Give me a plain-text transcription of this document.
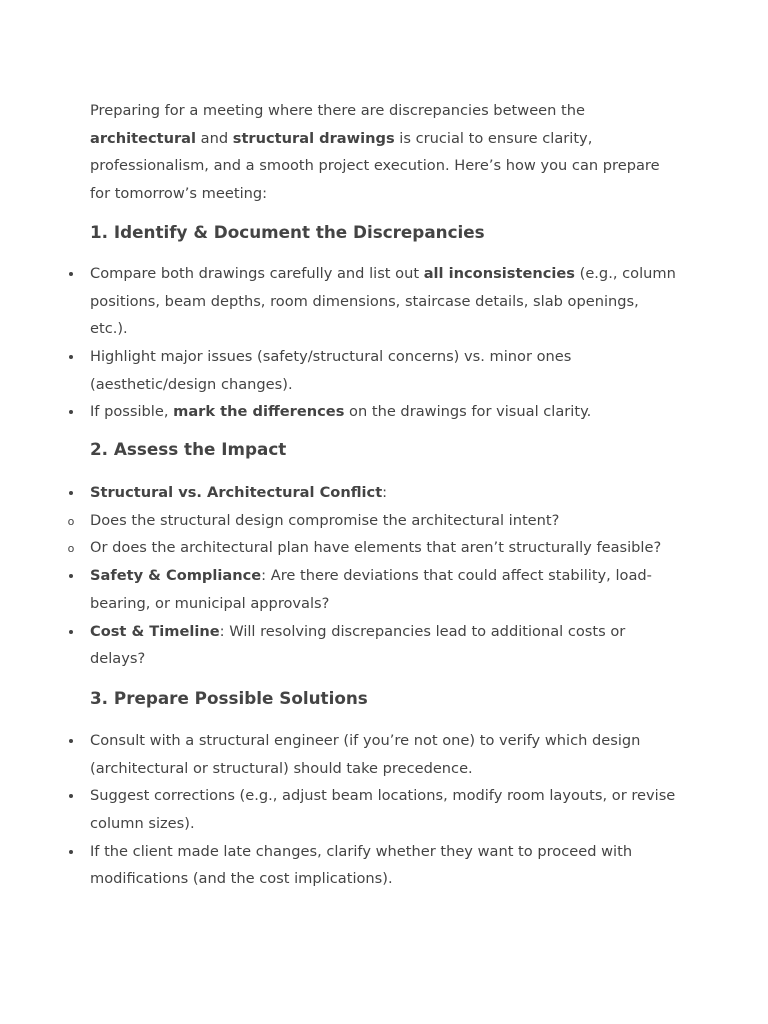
Preparing for a meeting where there are discrepancies between the architectural and structural drawings is crucial to ensure clarity, professionalism, and a smooth project execution. Here’s how you can prepare for tomorrow’s meeting:

1. Identify & Document the Discrepancies
Compare both drawings carefully and list out all inconsistencies (e.g., column positions, beam depths, room dimensions, staircase details, slab openings, etc.).
Highlight major issues (safety/structural concerns) vs. minor ones (aesthetic/design changes).
If possible, mark the differences on the drawings for visual clarity.
2. Assess the Impact
Structural vs. Architectural Conflict:
o Does the structural design compromise the architectural intent?
o Or does the architectural plan have elements that aren’t structurally feasible?
Safety & Compliance: Are there deviations that could affect stability, load-bearing, or municipal approvals?
Cost & Timeline: Will resolving discrepancies lead to additional costs or delays?
3. Prepare Possible Solutions
Consult with a structural engineer (if you’re not one) to verify which design (architectural or structural) should take precedence.
Suggest corrections (e.g., adjust beam locations, modify room layouts, or revise column sizes).
If the client made late changes, clarify whether they want to proceed with modifications (and the cost implications).
